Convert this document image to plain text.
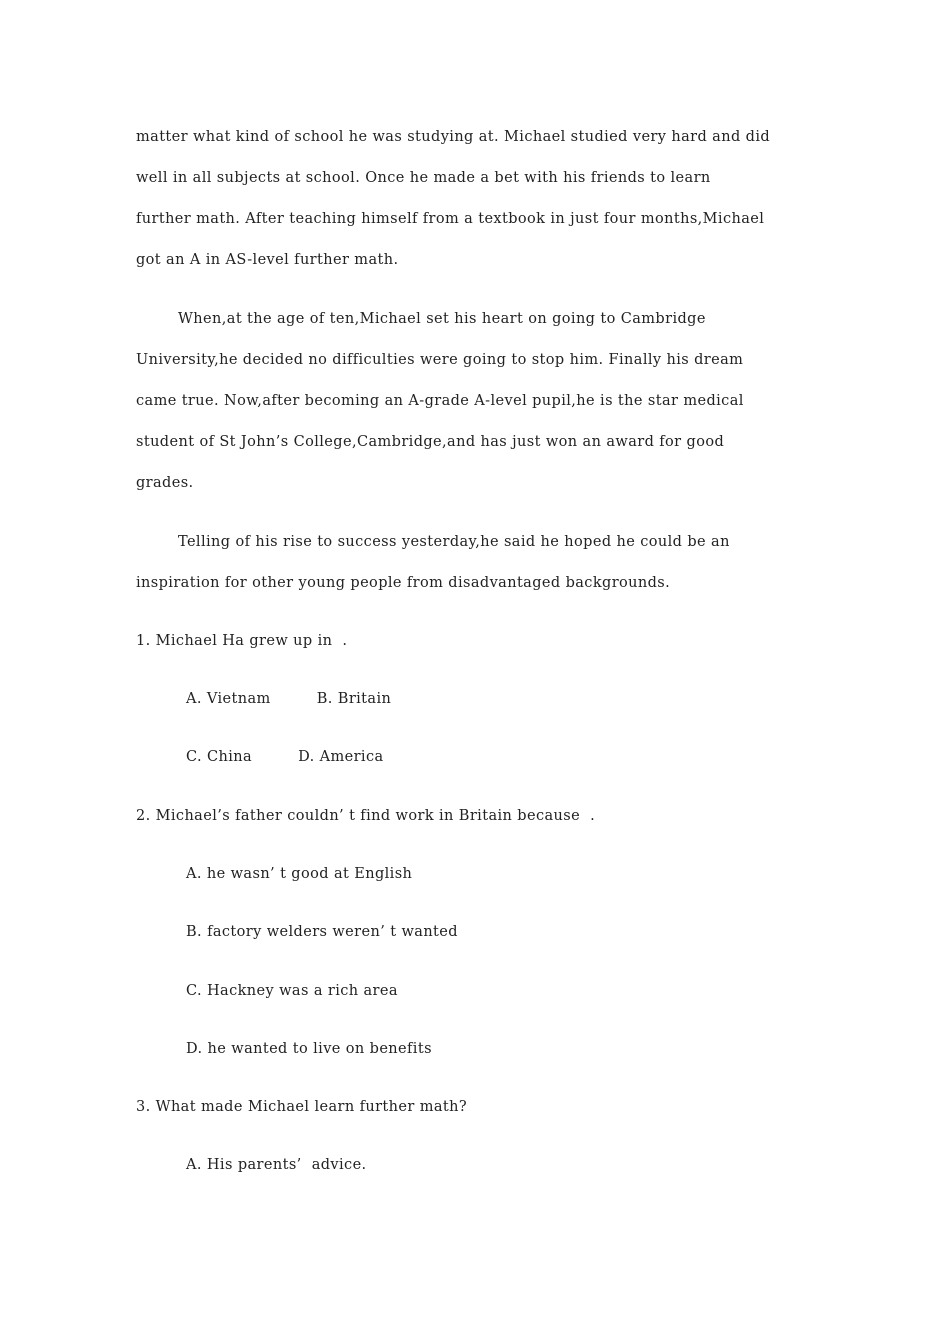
matter what kind of school he was studying at. Michael studied very hard and did
well in all subjects at school. Once he made a bet with his friends to learn
further math. After teaching himself from a textbook in just four months,Michael
got an A in AS-level further math.
When,at the age of ten,Michael set his heart on going to Cambridge
University,he decided no difficulties were going to stop him. Finally his dream
came true. Now,after becoming an A-grade A-level pupil,he is the star medical
student of St John’s College,Cambridge,and has just won an award for good
grades.
Telling of his rise to success yesterday,he said he hoped he could be an
inspiration for other young people from disadvantaged backgrounds.
1. Michael Ha grew up in  .
A. Vietnam	B. Britain
C. China	D. America
2. Michael’s father couldn’ t find work in Britain because  .
A. he wasn’ t good at English
B. factory welders weren’ t wanted
C. Hackney was a rich area
D. he wanted to live on benefits
3. What made Michael learn further math?
A. His parents’  advice.
